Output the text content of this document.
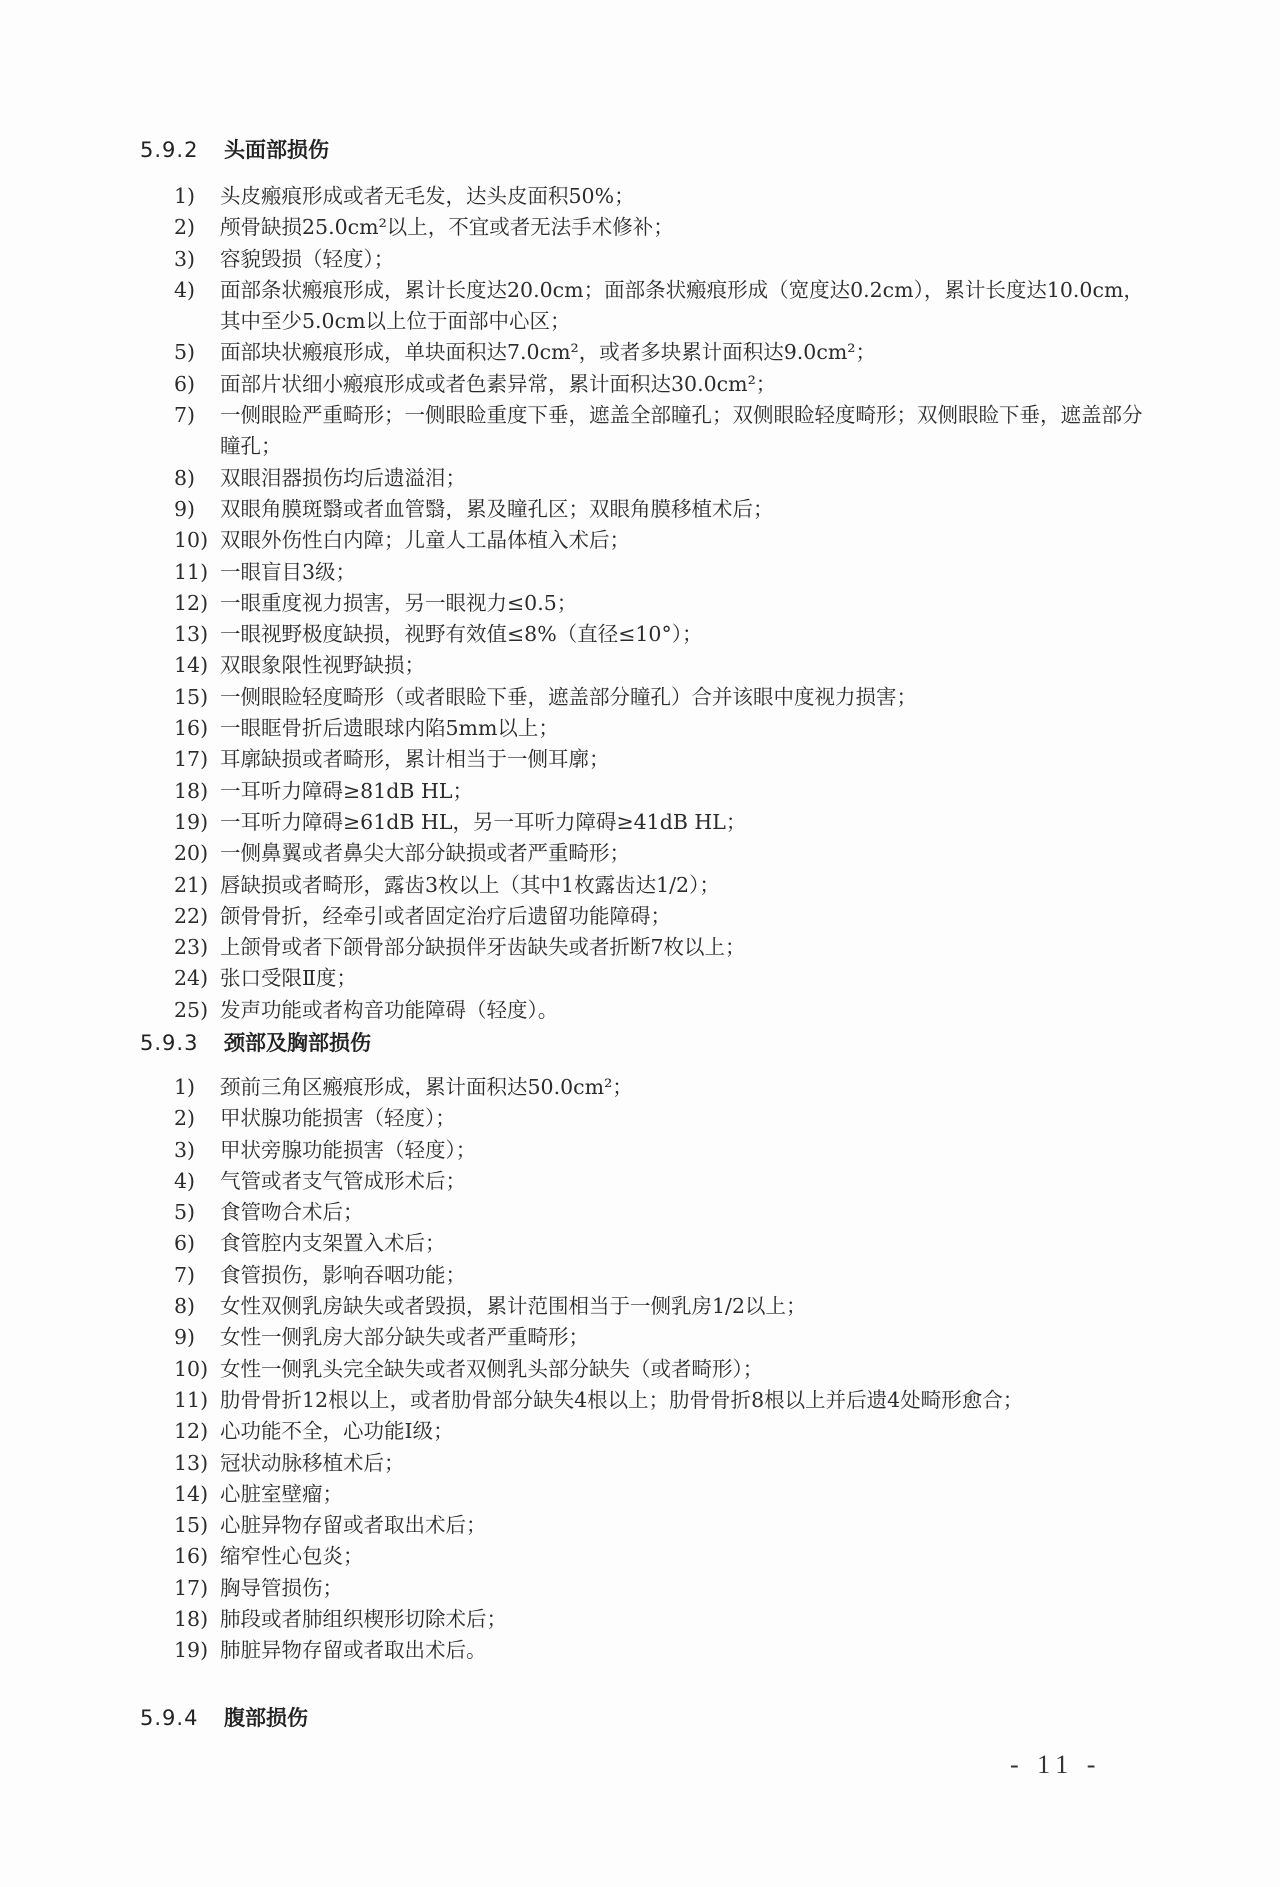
5.9.2 头面部损伤
1)	头皮瘢痕形成或者无毛发，达头皮面积50%；
2)	颅骨缺损25.0cm²以上，不宜或者无法手术修补；
3)	容貌毁损（轻度）；
4)	面部条状瘢痕形成，累计长度达20.0cm；面部条状瘢痕形成（宽度达0.2cm），累计长度达10.0cm，其中至少5.0cm以上位于面部中心区；
5)	面部块状瘢痕形成，单块面积达7.0cm²，或者多块累计面积达9.0cm²；
6)	面部片状细小瘢痕形成或者色素异常，累计面积达30.0cm²；
7)	一侧眼睑严重畸形；一侧眼睑重度下垂，遮盖全部瞳孔；双侧眼睑轻度畸形；双侧眼睑下垂，遮盖部分瞳孔；
8)	双眼泪器损伤均后遗溢泪；
9)	双眼角膜斑翳或者血管翳，累及瞳孔区；双眼角膜移植术后；
10) 双眼外伤性白内障；儿童人工晶体植入术后；
11) 一眼盲目3级；
12) 一眼重度视力损害，另一眼视力≤0.5；
13) 一眼视野极度缺损，视野有效值≤8%（直径≤10°）；
14) 双眼象限性视野缺损；
15) 一侧眼睑轻度畸形（或者眼睑下垂，遮盖部分瞳孔）合并该眼中度视力损害；
16) 一眼眶骨折后遗眼球内陷5mm以上；
17) 耳廓缺损或者畸形，累计相当于一侧耳廓；
18) 一耳听力障碍≥81dB HL；
19) 一耳听力障碍≥61dB HL，另一耳听力障碍≥41dB HL；
20) 一侧鼻翼或者鼻尖大部分缺损或者严重畸形；
21) 唇缺损或者畸形，露齿3枚以上（其中1枚露齿达1/2）；
22) 颌骨骨折，经牵引或者固定治疗后遗留功能障碍；
23) 上颌骨或者下颌骨部分缺损伴牙齿缺失或者折断7枚以上；
24) 张口受限Ⅱ度；
25) 发声功能或者构音功能障碍（轻度）。
5.9.3 颈部及胸部损伤
1)	颈前三角区瘢痕形成，累计面积达50.0cm²；
2)	甲状腺功能损害（轻度）；
3)	甲状旁腺功能损害（轻度）；
4)	气管或者支气管成形术后；
5)	食管吻合术后；
6)	食管腔内支架置入术后；
7)	食管损伤，影响吞咽功能；
8)	女性双侧乳房缺失或者毁损，累计范围相当于一侧乳房1/2以上；
9)	女性一侧乳房大部分缺失或者严重畸形；
10) 女性一侧乳头完全缺失或者双侧乳头部分缺失（或者畸形）；
11) 肋骨骨折12根以上，或者肋骨部分缺失4根以上；肋骨骨折8根以上并后遗4处畸形愈合；
12) 心功能不全，心功能Ⅰ级；
13) 冠状动脉移植术后；
14) 心脏室壁瘤；
15) 心脏异物存留或者取出术后；
16) 缩窄性心包炎；
17) 胸导管损伤；
18) 肺段或者肺组织楔形切除术后；
19) 肺脏异物存留或者取出术后。
5.9.4 腹部损伤
- 11 -
